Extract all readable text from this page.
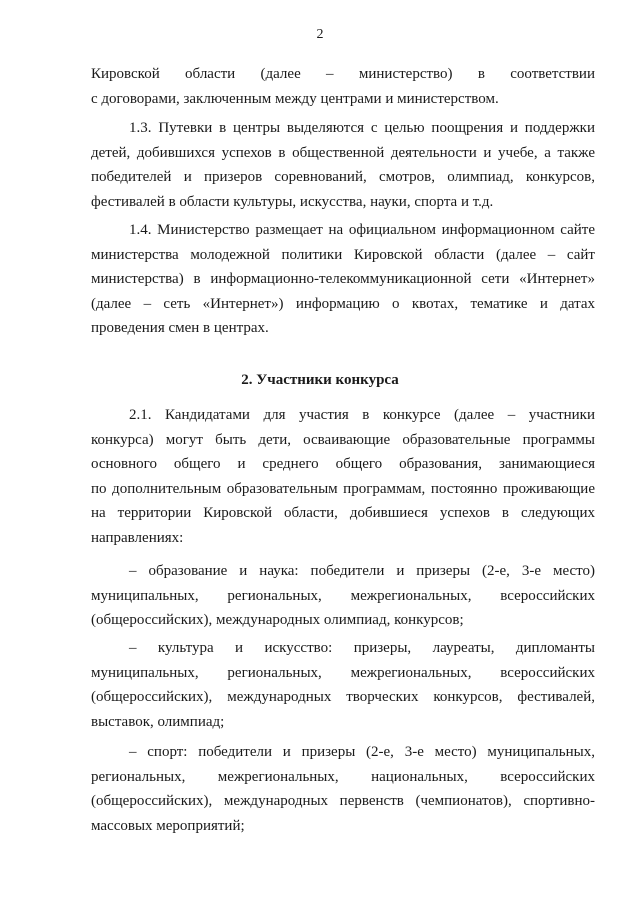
2
Кировской области (далее – министерство) в соответствии
с договорами, заключенным между центрами и министерством.
1.3. Путевки в центры выделяются с целью поощрения и поддержки
детей, добившихся успехов в общественной деятельности и учебе, а также
победителей и призеров соревнований, смотров, олимпиад, конкурсов,
фестивалей в области культуры, искусства, науки, спорта и т.д.
1.4. Министерство размещает на официальном информационном сайте
министерства молодежной политики Кировской области (далее – сайт
министерства) в информационно-телекоммуникационной сети «Интернет»
(далее – сеть «Интернет») информацию о квотах, тематике и датах
проведения смен в центрах.
2. Участники конкурса
2.1. Кандидатами для участия в конкурсе (далее – участники
конкурса) могут быть дети, осваивающие образовательные программы
основного общего и среднего общего образования, занимающиеся
по дополнительным образовательным программам, постоянно проживающие
на территории Кировской области, добившиеся успехов в следующих
направлениях:
– образование и наука: победители и призеры (2-е, 3-е место)
муниципальных, региональных, межрегиональных, всероссийских
(общероссийских), международных олимпиад, конкурсов;
– культура и искусство: призеры, лауреаты, дипломанты
муниципальных, региональных, межрегиональных, всероссийских
(общероссийских), международных творческих конкурсов, фестивалей,
выставок, олимпиад;
– спорт: победители и призеры (2-е, 3-е место) муниципальных,
региональных, межрегиональных, национальных, всероссийских
(общероссийских), международных первенств (чемпионатов), спортивно-
массовых мероприятий;
